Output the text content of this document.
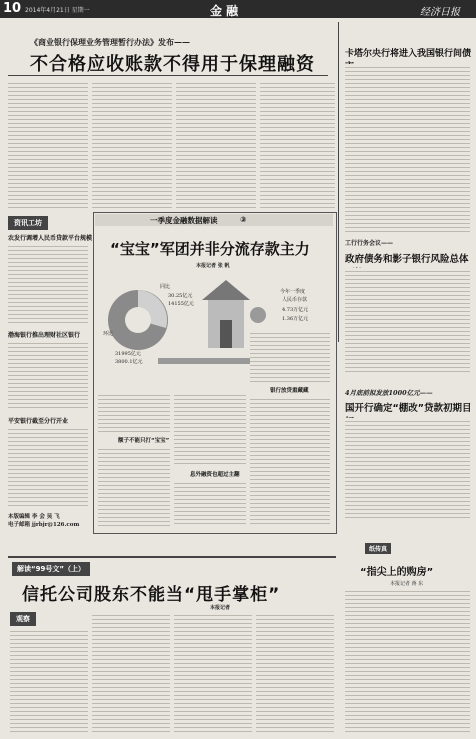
10 2014年4月21日 星期一	金 融	经济日报
《商业银行保理业务管理暂行办法》发布——
不合格应收账款不得用于保理融资	卡塔尔央行将进入我国银行间债
工行行务会议——
政府债务和影子银行风险总体
4月底前拟发放1000亿元——
国开行确定“棚改”贷款初期目
纸传真
“指尖上的购房”
本报记者 蒋 东
资讯工坊
农发行调增人民币贷款平台规模
渤海银行推出理财社区银行
平安银行截至分行开业
本版编辑 李 会 吴 飞
电子邮箱 jjrbjr@126.com
一季度金融数据解读	③
“宝宝”军团并非分流存款主力
本报记者 张 帆
同比
30.25亿元
14155亿元
环比
31995亿元
3800.1亿元
今年一季度
人民币存款
4.73万亿元
1.36万亿元
额子不能只打“宝宝”
息外融资也超过主翻
银行放贷重藏藏
解读“99号文”（上）
信托公司股东不能当“甩手掌柜”
本报记者
观察
